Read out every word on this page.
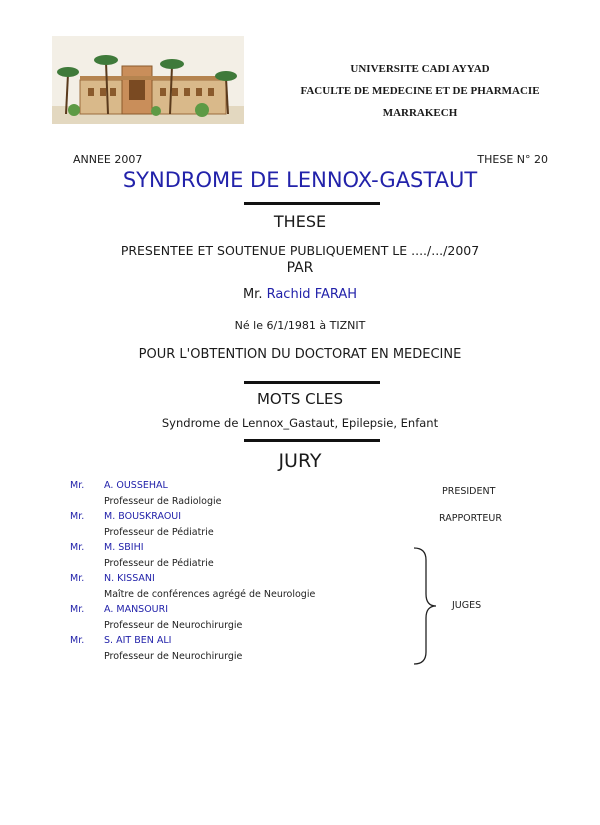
UNIVERSITE CADI AYYAD
FACULTE DE MEDECINE ET DE PHARMACIE
MARRAKECH
ANNEE 2007	THESE N° 20
SYNDROME DE LENNOX-GASTAUT
THESE
PRESENTEE ET SOUTENUE PUBLIQUEMENT LE ..../.../2007
PAR
Mr. Rachid FARAH
Né le 6/1/1981 à TIZNIT
POUR L'OBTENTION DU DOCTORAT EN MEDECINE
MOTS CLES
Syndrome de Lennox_Gastaut, Epilepsie, Enfant
JURY
Mr.	A. OUSSEHAL
Professeur de Radiologie
Mr.	M. BOUSKRAOUI
Professeur de Pédiatrie
Mr.	M. SBIHI
Professeur de Pédiatrie
Mr.	N. KISSANI
Maître de conférences agrégé de Neurologie
Mr.	A. MANSOURI
Professeur de Neurochirurgie
Mr.	S. AIT BEN ALI
Professeur de Neurochirurgie
PRESIDENT
RAPPORTEUR
JUGES
